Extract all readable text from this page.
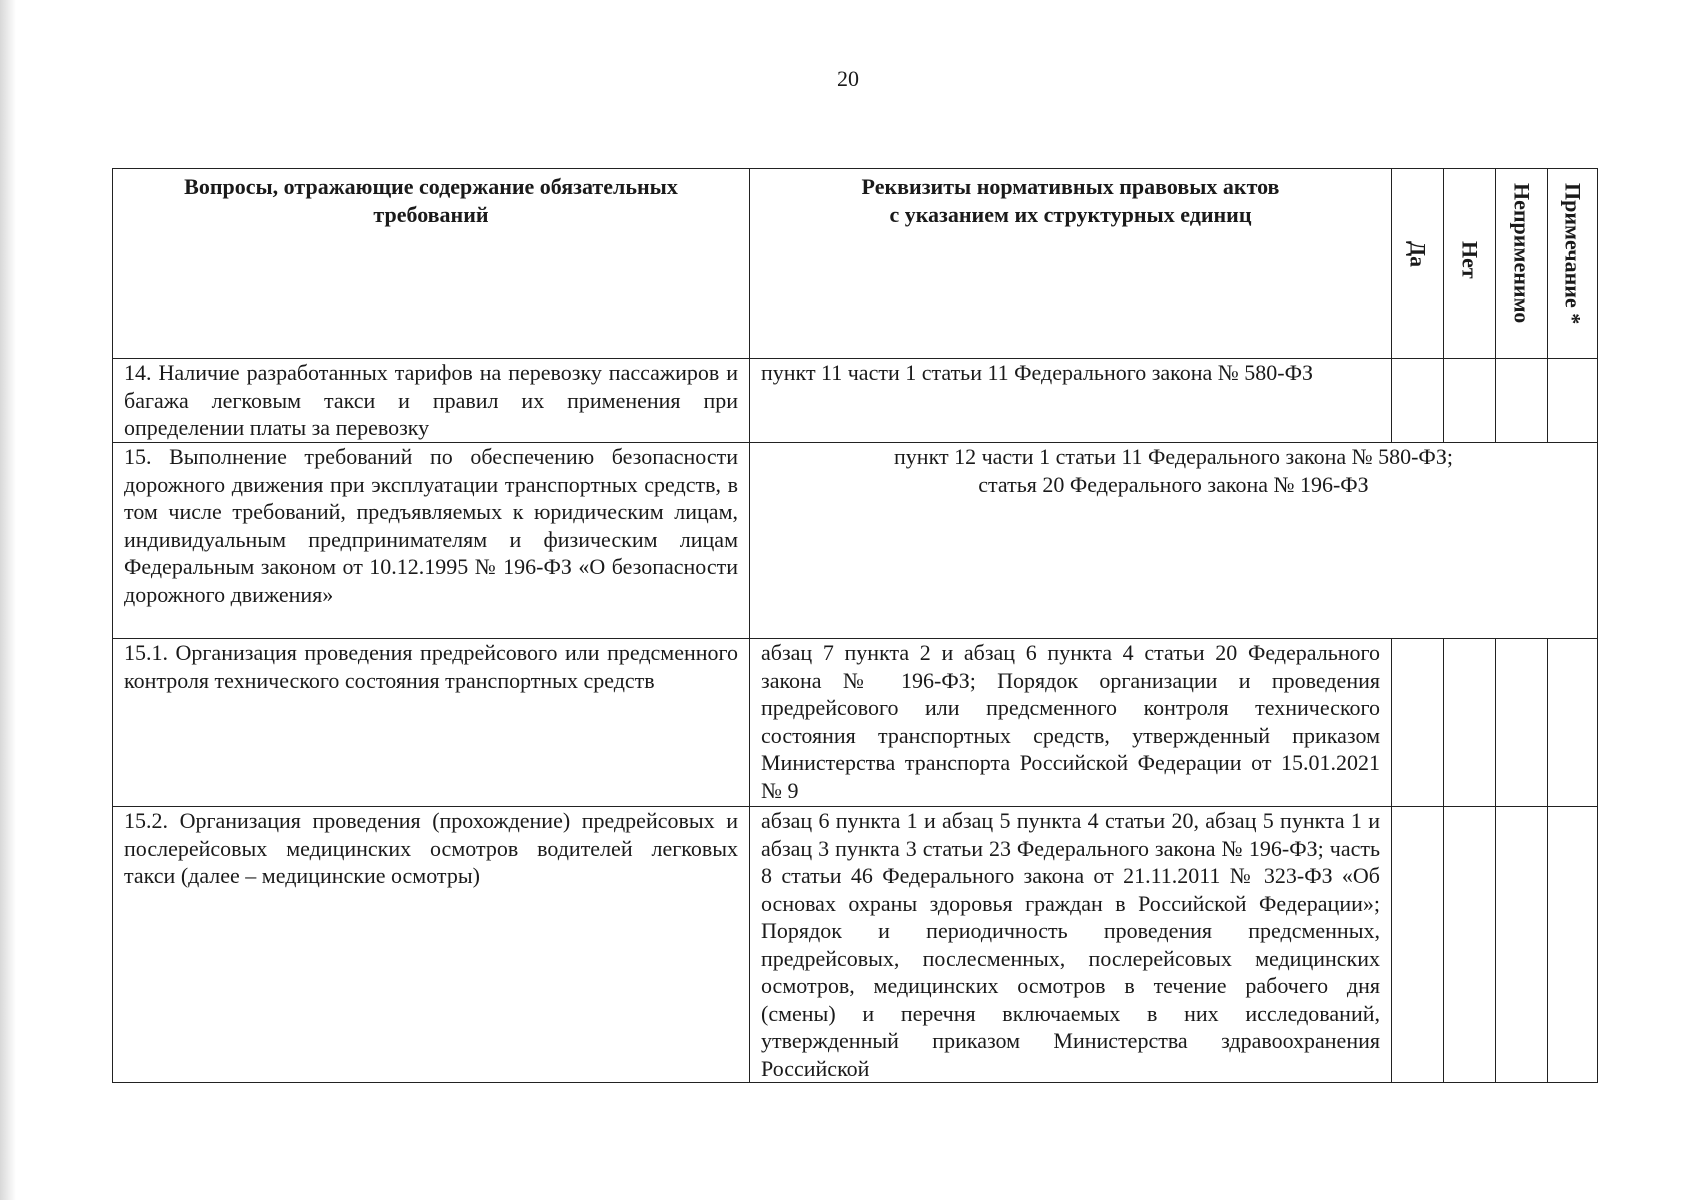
20
Вопросы, отражающие содержание обязательных требований	Реквизиты нормативных правовых актов
с указанием их структурных единиц	Да	Нет	Неприменимо	Примечание *

14. Наличие разработанных тарифов на перевозку пассажиров и багажа легковым такси и правил их применения при определении платы за перевозку	пункт 11 части 1 статьи 11 Федерального закона № 580-ФЗ				
15. Выполнение требований по обеспечению безопасности дорожного движения при эксплуатации транспортных средств, в том числе требований, предъявляемых к юридическим лицам, индивидуальным предпринимателям и физическим лицам Федеральным законом от 10.12.1995 № 196-ФЗ «О безопасности дорожного движения»	пункт 12 части 1 статьи 11 Федерального закона № 580-ФЗ;
статья 20 Федерального закона № 196-ФЗ				

15.1. Организация проведения предрейсового или предсменного контроля технического состояния транспортных средств	абзац 7 пункта 2 и абзац 6 пункта 4 статьи 20 Федерального закона № 196-ФЗ; Порядок организации и проведения предрейсового или предсменного контроля технического состояния транспортных средств, утвержденный приказом Министерства транспорта Российской Федерации от 15.01.2021 № 9				
15.2. Организация проведения (прохождение) предрейсовых и послерейсовых медицинских осмотров водителей легковых такси (далее – медицинские осмотры)	абзац 6 пункта 1 и абзац 5 пункта 4 статьи 20, абзац 5 пункта 1 и абзац 3 пункта 3 статьи 23 Федерального закона № 196-ФЗ; часть 8 статьи 46 Федерального закона от 21.11.2011 № 323-ФЗ «Об основах охраны здоровья граждан в Российской Федерации»; Порядок и периодичность проведения предсменных, предрейсовых, послесменных, послерейсовых медицинских осмотров, медицинских осмотров в течение рабочего дня (смены) и перечня включаемых в них исследований, утвержденный приказом Министерства здравоохранения Российской				
